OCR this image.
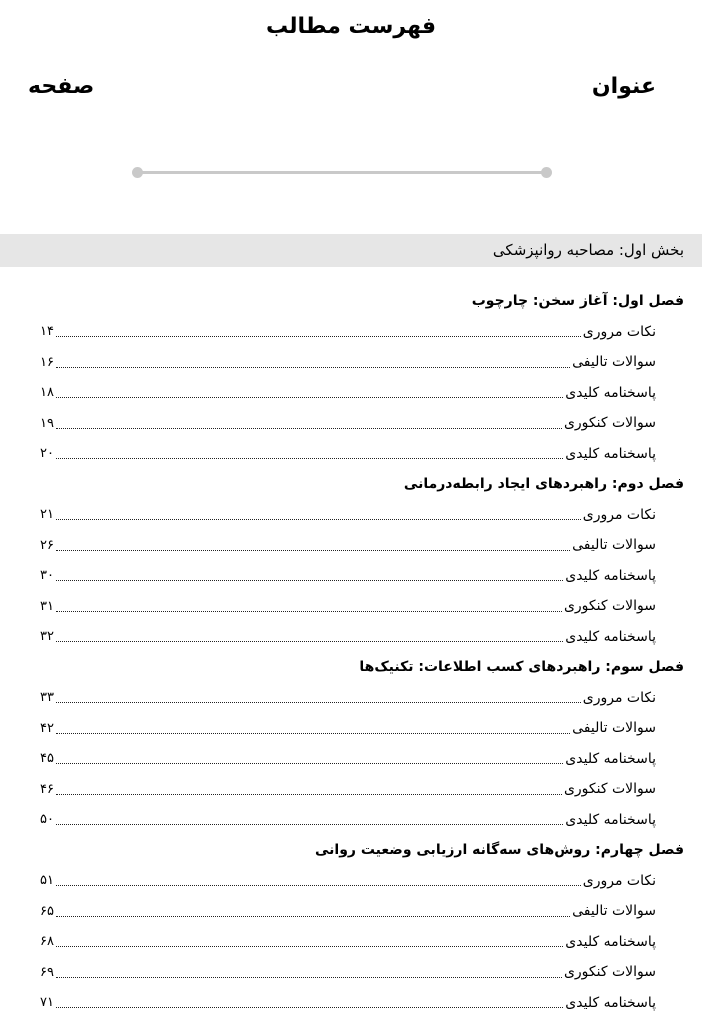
فهرست مطالب
عنوان
صفحه
بخش اول: مصاحبه روانپزشکی
فصل اول: آغاز سخن: چارچوب
نکات مروری
۱۴
سوالات تالیفی
۱۶
پاسخنامه کلیدی
۱۸
سوالات کنکوری
۱۹
پاسخنامه کلیدی
۲۰
فصل دوم: راهبردهای ایجاد رابطه‌درمانی
نکات مروری
۲۱
سوالات تالیفی
۲۶
پاسخنامه کلیدی
۳۰
سوالات کنکوری
۳۱
پاسخنامه کلیدی
۳۲
فصل سوم: راهبردهای کسب اطلاعات: تکنیک‌ها
نکات مروری
۳۳
سوالات تالیفی
۴۲
پاسخنامه کلیدی
۴۵
سوالات کنکوری
۴۶
پاسخنامه کلیدی
۵۰
فصل چهارم: روش‌های سه‌گانه ارزیابی وضعیت روانی
نکات مروری
۵۱
سوالات تالیفی
۶۵
پاسخنامه کلیدی
۶۸
سوالات کنکوری
۶۹
پاسخنامه کلیدی
۷۱
